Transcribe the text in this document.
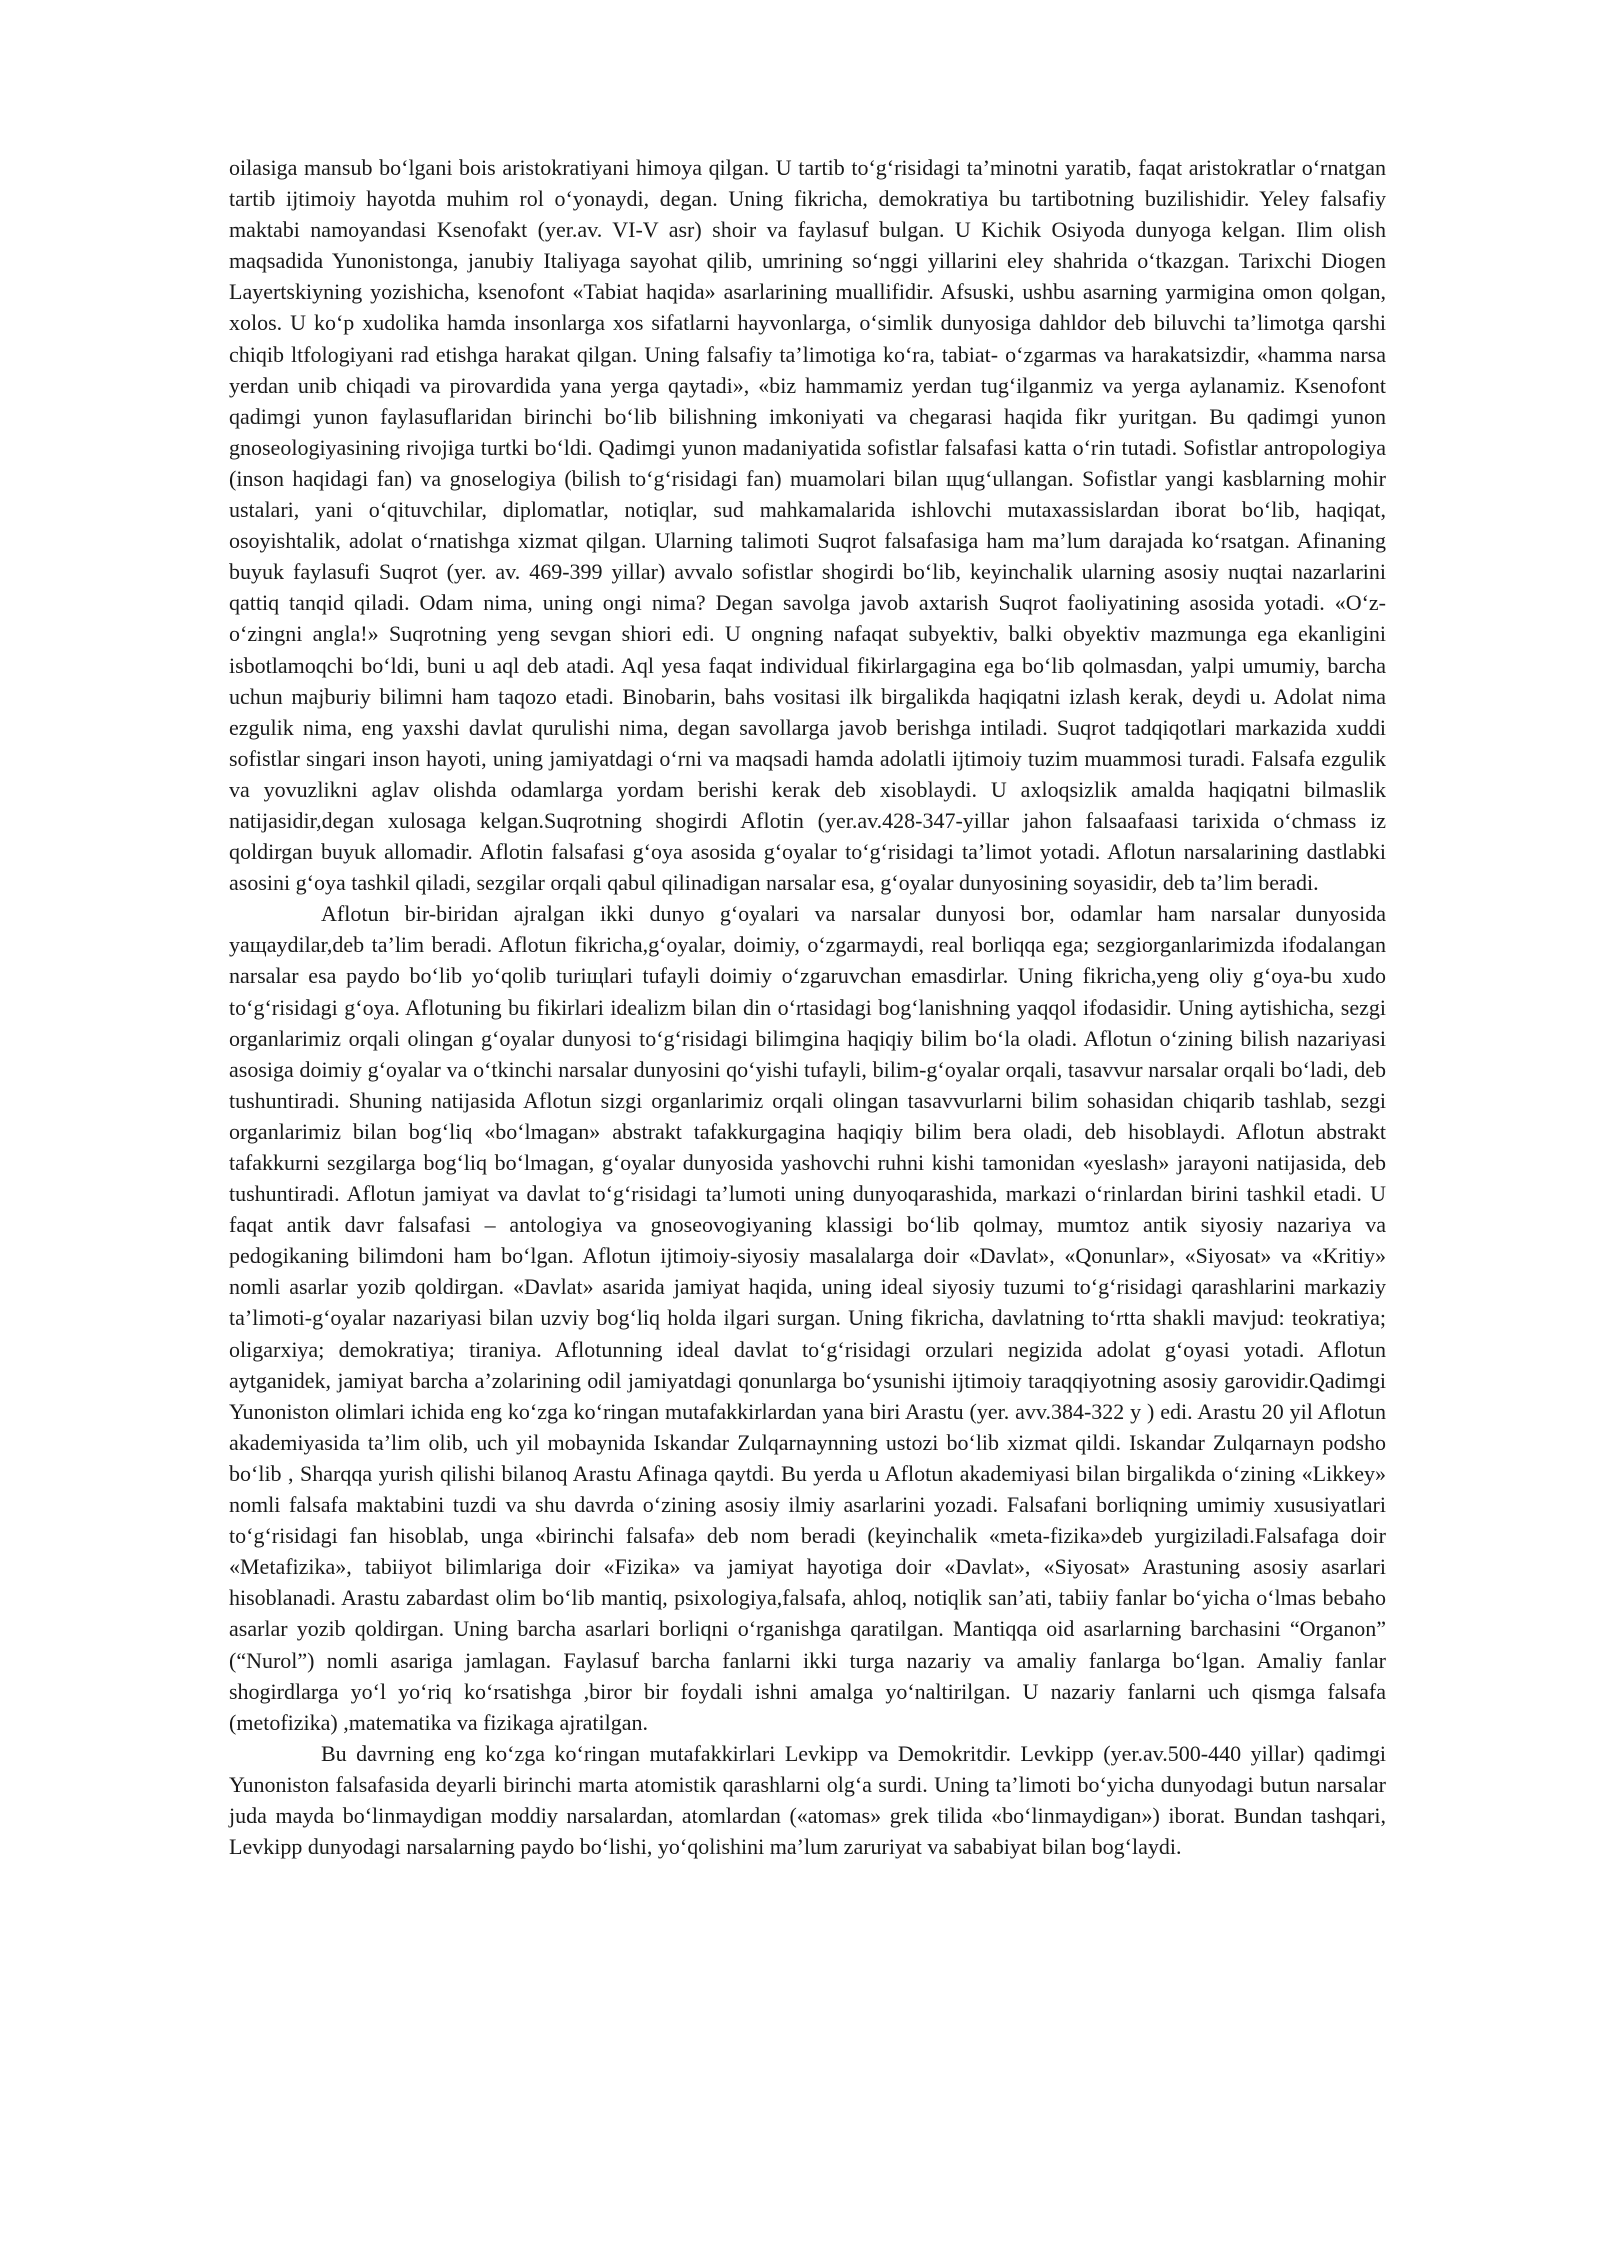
oilasiga mansub bo‘lgani bois aristokratiyani himoya qilgan. U tartib to‘g‘risidagi ta’minotni yaratib, faqat aristokratlar o‘rnatgan tartib ijtimoiy hayotda muhim rol o‘yonaydi, degan. Uning fikricha, demokratiya bu tartibotning buzilishidir. Yeley falsafiy maktabi namoyandasi Ksenofakt (yer.av. VI-V asr) shoir va faylasuf bulgan. U Kichik Osiyoda dunyoga kelgan. Ilim olish maqsadida Yunonistonga, janubiy Italiyaga sayohat qilib, umrining so‘nggi yillarini eley shahrida o‘tkazgan. Tarixchi Diogen Layertskiyning yozishicha, ksenofont «Tabiat haqida» asarlarining muallifidir. Afsuski, ushbu asarning yarmigina omon qolgan, xolos. U ko‘p xudolika hamda insonlarga xos sifatlarni hayvonlarga, o‘simlik dunyosiga dahldor deb biluvchi ta’limotga qarshi chiqib ltfologiyani rad etishga harakat qilgan. Uning falsafiy ta’limotiga ko‘ra, tabiat- o‘zgarmas va harakatsizdir, «hamma narsa yerdan unib chiqadi va pirovardida yana yerga qaytadi», «biz hammamiz yerdan tug‘ilganmiz va yerga aylanamiz. Ksenofont qadimgi yunon faylasuflaridan birinchi bo‘lib bilishning imkoniyati va chegarasi haqida fikr yuritgan. Bu qadimgi yunon gnoseologiyasining rivojiga turtki bo‘ldi. Qadimgi yunon madaniyatida sofistlar falsafasi katta o‘rin tutadi. Sofistlar antropologiya (inson haqidagi fan) va gnoselogiya (bilish to‘g‘risidagi fan) muamolari bilan щug‘ullangan. Sofistlar yangi kasblarning mohir ustalari, yani o‘qituvchilar, diplomatlar, notiqlar, sud mahkamalarida ishlovchi mutaxassislardan iborat bo‘lib, haqiqat, osoyishtalik, adolat o‘rnatishga xizmat qilgan. Ularning talimoti Suqrot falsafasiga ham ma’lum darajada ko‘rsatgan. Afinaning buyuk faylasufi Suqrot (yer. av. 469-399 yillar) avvalo sofistlar shogirdi bo‘lib, keyinchalik ularning asosiy nuqtai nazarlarini qattiq tanqid qiladi. Odam nima, uning ongi nima? Degan savolga javob axtarish Suqrot faoliyatining asosida yotadi. «O‘z-o‘zingni angla!» Suqrotning yeng sevgan shiori edi. U ongning nafaqat subyektiv, balki obyektiv mazmunga ega ekanligini isbotlamoqchi bo‘ldi, buni u aql deb atadi. Aql yesa faqat individual fikirlargagina ega bo‘lib qolmasdan, yalpi umumiy, barcha uchun majburiy bilimni ham taqozo etadi. Binobarin, bahs vositasi ilk birgalikda haqiqatni izlash kerak, deydi u. Adolat nima ezgulik nima, eng yaxshi davlat qurulishi nima, degan savollarga javob berishga intiladi. Suqrot tadqiqotlari markazida xuddi sofistlar singari inson hayoti, uning jamiyatdagi o‘rni va maqsadi hamda adolatli ijtimoiy tuzim muammosi turadi. Falsafa ezgulik va yovuzlikni aglav olishda odamlarga yordam berishi kerak deb xisoblaydi. U axloqsizlik amalda haqiqatni bilmaslik natijasidir,degan xulosaga kelgan.Suqrotning shogirdi Aflotin (yer.av.428-347-yillar jahon falsaafaasi tarixida o‘chmass iz qoldirgan buyuk allomadir. Aflotin falsafasi g‘oya asosida g‘oyalar to‘g‘risidagi ta’limot yotadi. Aflotun narsalarining dastlabki asosini g‘oya tashkil qiladi, sezgilar orqali qabul qilinadigan narsalar esa, g‘oyalar dunyosining soyasidir, deb ta’lim beradi.

Aflotun bir-biridan ajralgan ikki dunyo g‘oyalari va narsalar dunyosi bor, odamlar ham narsalar dunyosida yaщaydilar,deb ta’lim beradi. Aflotun fikricha,g‘oyalar, doimiy, o‘zgarmaydi, real borliqqa ega; sezgiorganlarimizda ifodalangan narsalar esa paydo bo‘lib yo‘qolib turiщlari tufayli doimiy o‘zgaruvchan emasdirlar. Uning fikricha,yeng oliy g‘oya-bu xudo to‘g‘risidagi g‘oya. Aflotuning bu fikirlari idealizm bilan din o‘rtasidagi bog‘lanishning yaqqol ifodasidir. Uning aytishicha, sezgi organlarimiz orqali olingan g‘oyalar dunyosi to‘g‘risidagi bilimgina haqiqiy bilim bo‘la oladi. Aflotun o‘zining bilish nazariyasi asosiga doimiy g‘oyalar va o‘tkinchi narsalar dunyosini qo‘yishi tufayli, bilim-g‘oyalar orqali, tasavvur narsalar orqali bo‘ladi, deb tushuntiradi. Shuning natijasida Aflotun sizgi organlarimiz orqali olingan tasavvurlarni bilim sohasidan chiqarib tashlab, sezgi organlarimiz bilan bog‘liq «bo‘lmagan» abstrakt tafakkurgagina haqiqiy bilim bera oladi, deb hisoblaydi. Aflotun abstrakt tafakkurni sezgilarga bog‘liq bo‘lmagan, g‘oyalar dunyosida yashovchi ruhni kishi tamonidan «yeslash» jarayoni natijasida, deb tushuntiradi. Aflotun jamiyat va davlat to‘g‘risidagi ta’lumoti uning dunyoqarashida, markazi o‘rinlardan birini tashkil etadi. U faqat antik davr falsafasi – antologiya va gnoseovogiyaning klassigi bo‘lib qolmay, mumtoz antik siyosiy nazariya va pedogikaning bilimdoni ham bo‘lgan. Aflotun ijtimoiy-siyosiy masalalarga doir «Davlat», «Qonunlar», «Siyosat» va «Kritiy» nomli asarlar yozib qoldirgan. «Davlat» asarida jamiyat haqida, uning ideal siyosiy tuzumi to‘g‘risidagi qarashlarini markaziy ta’limoti-g‘oyalar nazariyasi bilan uzviy bog‘liq holda ilgari surgan. Uning fikricha, davlatning to‘rtta shakli mavjud: teokratiya; oligarxiya; demokratiya; tiraniya. Aflotunning ideal davlat to‘g‘risidagi orzulari negizida adolat g‘oyasi yotadi. Aflotun aytganidek, jamiyat barcha a’zolarining odil jamiyatdagi qonunlarga bo‘ysunishi ijtimoiy taraqqiyotning asosiy garovidir.Qadimgi Yunoniston olimlari ichida eng ko‘zga ko‘ringan mutafakkirlardan yana biri Arastu (yer. avv.384-322 y ) edi. Arastu 20 yil Aflotun akademiyasida ta’lim olib, uch yil mobaynida Iskandar Zulqarnaynning ustozi bo‘lib xizmat qildi. Iskandar Zulqarnayn podsho bo‘lib , Sharqqa yurish qilishi bilanoq Arastu Afinaga qaytdi. Bu yerda u Aflotun akademiyasi bilan birgalikda o‘zining «Likkey» nomli falsafa maktabini tuzdi va shu davrda o‘zining asosiy ilmiy asarlarini yozadi. Falsafani borliqning umimiy xususiyatlari to‘g‘risidagi fan hisoblab, unga «birinchi falsafa» deb nom beradi (keyinchalik «meta-fizika»deb yurgiziladi.Falsafaga doir «Metafizika», tabiiyot bilimlariga doir «Fizika» va jamiyat hayotiga doir «Davlat», «Siyosat» Arastuning asosiy asarlari hisoblanadi. Arastu zabardast olim bo‘lib mantiq, psixologiya,falsafa, ahloq, notiqlik san’ati, tabiiy fanlar bo‘yicha o‘lmas bebaho asarlar yozib qoldirgan. Uning barcha asarlari borliqni o‘rganishga qaratilgan. Mantiqqa oid asarlarning barchasini “Organon” (“Nurol”) nomli asariga jamlagan. Faylasuf barcha fanlarni ikki turga nazariy va amaliy fanlarga bo‘lgan. Amaliy fanlar shogirdlarga yo‘l yo‘riq ko‘rsatishga ,biror bir foydali ishni amalga yo‘naltirilgan. U nazariy fanlarni uch qismga falsafa (metofizika) ,matematika va fizikaga ajratilgan.

Bu davrning eng ko‘zga ko‘ringan mutafakkirlari Levkipp va Demokritdir. Levkipp (yer.av.500-440 yillar) qadimgi Yunoniston falsafasida deyarli birinchi marta atomistik qarashlarni olg‘a surdi. Uning ta’limoti bo‘yicha dunyodagi butun narsalar juda mayda bo‘linmaydigan moddiy narsalardan, atomlardan («atomas» grek tilida «bo‘linmaydigan») iborat. Bundan tashqari, Levkipp dunyodagi narsalarning paydo bo‘lishi, yo‘qolishini ma’lum zaruriyat va sababiyat bilan bog‘laydi.
